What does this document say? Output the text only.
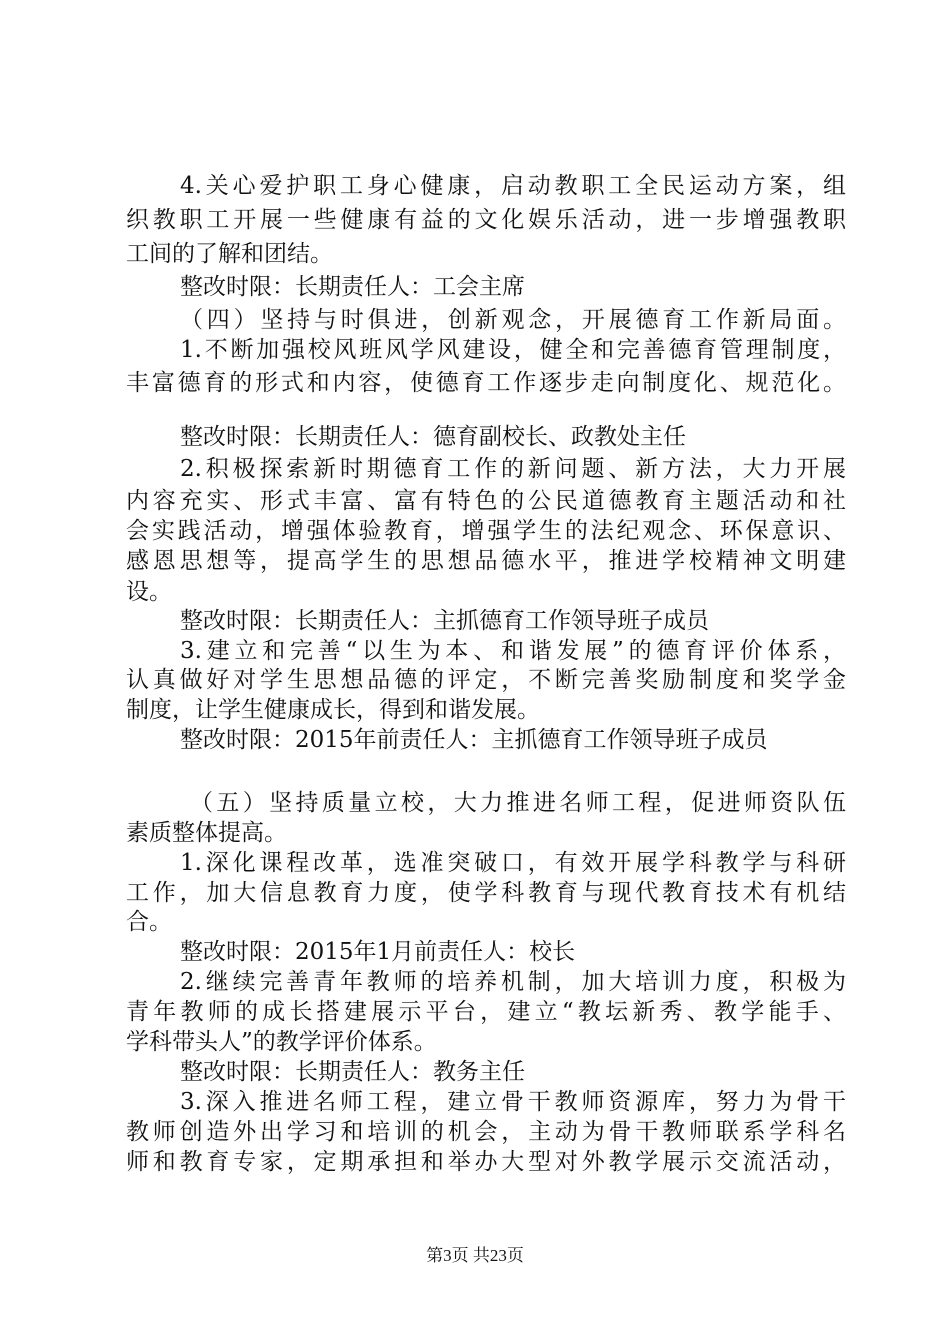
4.关心爱护职工身心健康，启动教职工全民运动方案，组
织教职工开展一些健康有益的文化娱乐活动，进一步增强教职
工间的了解和团结。
整改时限：长期责任人：工会主席
（四）坚持与时俱进，创新观念，开展德育工作新局面。
1.不断加强校风班风学风建设，健全和完善德育管理制度，
丰富德育的形式和内容，使德育工作逐步走向制度化、规范化。
整改时限：长期责任人：德育副校长、政教处主任
2.积极探索新时期德育工作的新问题、新方法，大力开展
内容充实、形式丰富、富有特色的公民道德教育主题活动和社
会实践活动，增强体验教育，增强学生的法纪观念、环保意识、
感恩思想等，提高学生的思想品德水平，推进学校精神文明建
设。
整改时限：长期责任人：主抓德育工作领导班子成员
3.建立和完善“以生为本、和谐发展”的德育评价体系，
认真做好对学生思想品德的评定，不断完善奖励制度和奖学金
制度，让学生健康成长，得到和谐发展。
整改时限：2015年前责任人：主抓德育工作领导班子成员
（五）坚持质量立校，大力推进名师工程，促进师资队伍
素质整体提高。
1.深化课程改革，选准突破口，有效开展学科教学与科研
工作，加大信息教育力度，使学科教育与现代教育技术有机结
合。
整改时限：2015年1月前责任人：校长
2.继续完善青年教师的培养机制，加大培训力度，积极为
青年教师的成长搭建展示平台，建立“教坛新秀、教学能手、
学科带头人”的教学评价体系。
整改时限：长期责任人：教务主任
3.深入推进名师工程，建立骨干教师资源库，努力为骨干
教师创造外出学习和培训的机会，主动为骨干教师联系学科名
师和教育专家，定期承担和举办大型对外教学展示交流活动，
第3页 共23页
